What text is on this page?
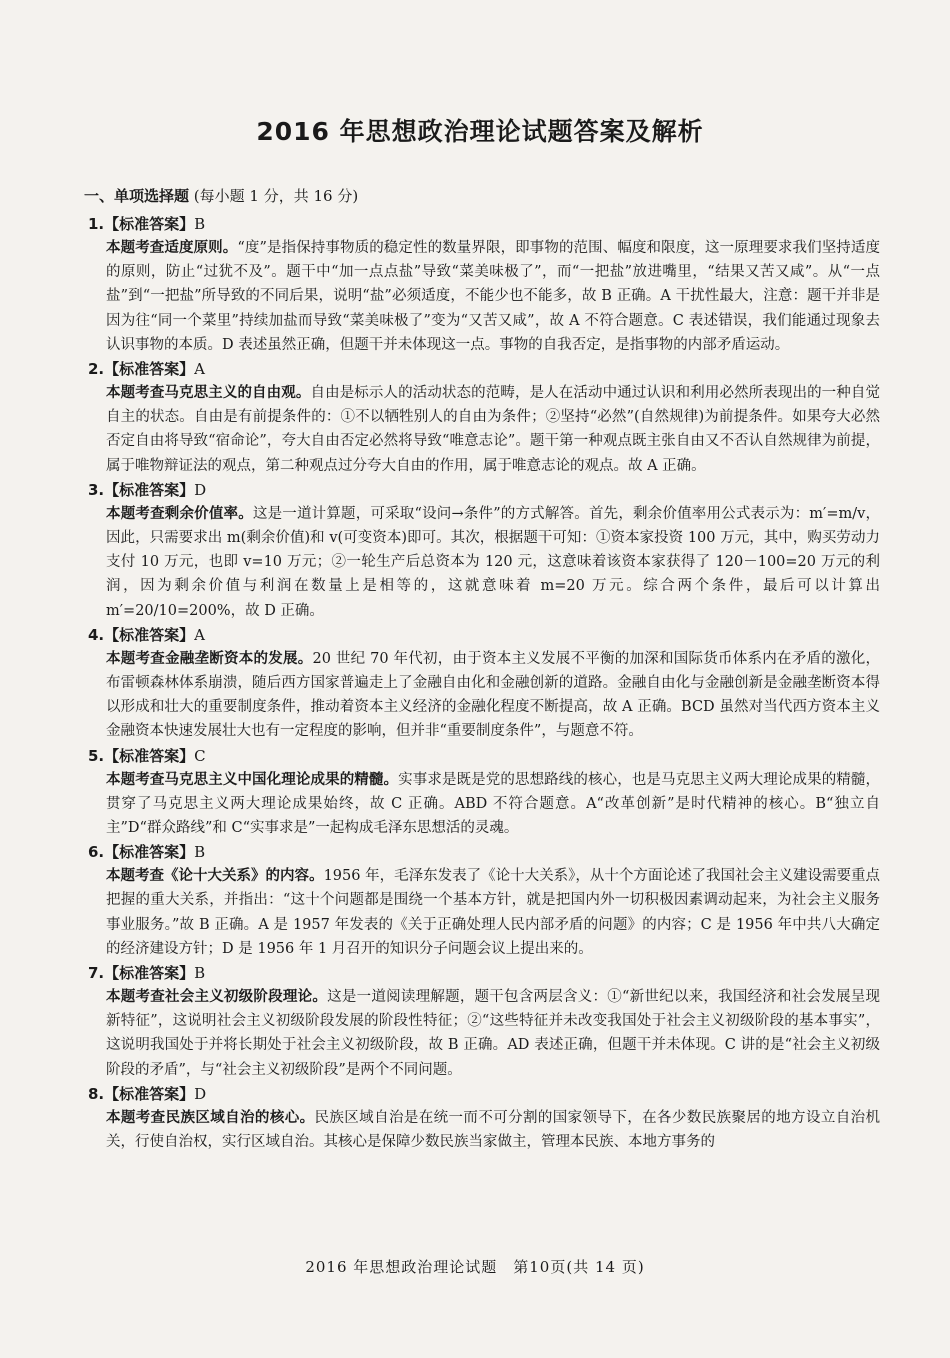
2016 年思想政治理论试题答案及解析
一、单项选择题 (每小题 1 分，共 16 分)

1.【标准答案】B

本题考查适度原则。“度”是指保持事物质的稳定性的数量界限，即事物的范围、幅度和限度，这一原理要求我们坚持适度的原则，防止“过犹不及”。题干中“加一点点盐”导致“菜美味极了”，而“一把盐”放进嘴里，“结果又苦又咸”。从“一点盐”到“一把盐”所导致的不同后果，说明“盐”必须适度，不能少也不能多，故 B 正确。A 干扰性最大，注意：题干并非是因为往“同一个菜里”持续加盐而导致“菜美味极了”变为“又苦又咸”，故 A 不符合题意。C 表述错误，我们能通过现象去认识事物的本质。D 表述虽然正确，但题干并未体现这一点。事物的自我否定，是指事物的内部矛盾运动。

2.【标准答案】A

本题考查马克思主义的自由观。自由是标示人的活动状态的范畴，是人在活动中通过认识和利用必然所表现出的一种自觉自主的状态。自由是有前提条件的：①不以牺牲别人的自由为条件；②坚持“必然”(自然规律)为前提条件。如果夸大必然否定自由将导致“宿命论”，夸大自由否定必然将导致“唯意志论”。题干第一种观点既主张自由又不否认自然规律为前提，属于唯物辩证法的观点，第二种观点过分夸大自由的作用，属于唯意志论的观点。故 A 正确。

3.【标准答案】D

本题考查剩余价值率。这是一道计算题，可采取“设问→条件”的方式解答。首先，剩余价值率用公式表示为：m′=m/v，因此，只需要求出 m(剩余价值)和 v(可变资本)即可。其次，根据题干可知：①资本家投资 100 万元，其中，购买劳动力支付 10 万元，也即 v=10 万元；②一轮生产后总资本为 120 元，这意味着该资本家获得了 120－100=20 万元的利润，因为剩余价值与利润在数量上是相等的，这就意味着 m=20 万元。综合两个条件，最后可以计算出 m′=20/10=200%，故 D 正确。

4.【标准答案】A

本题考查金融垄断资本的发展。20 世纪 70 年代初，由于资本主义发展不平衡的加深和国际货币体系内在矛盾的激化，布雷顿森林体系崩溃，随后西方国家普遍走上了金融自由化和金融创新的道路。金融自由化与金融创新是金融垄断资本得以形成和壮大的重要制度条件，推动着资本主义经济的金融化程度不断提高，故 A 正确。BCD 虽然对当代西方资本主义金融资本快速发展壮大也有一定程度的影响，但并非“重要制度条件”，与题意不符。

5.【标准答案】C

本题考查马克思主义中国化理论成果的精髓。实事求是既是党的思想路线的核心，也是马克思主义两大理论成果的精髓，贯穿了马克思主义两大理论成果始终，故 C 正确。ABD 不符合题意。A“改革创新”是时代精神的核心。B“独立自主”D“群众路线”和 C“实事求是”一起构成毛泽东思想活的灵魂。

6.【标准答案】B

本题考查《论十大关系》的内容。1956 年，毛泽东发表了《论十大关系》，从十个方面论述了我国社会主义建设需要重点把握的重大关系，并指出：“这十个问题都是围绕一个基本方针，就是把国内外一切积极因素调动起来，为社会主义服务事业服务。”故 B 正确。A 是 1957 年发表的《关于正确处理人民内部矛盾的问题》的内容；C 是 1956 年中共八大确定的经济建设方针；D 是 1956 年 1 月召开的知识分子问题会议上提出来的。

7.【标准答案】B

本题考查社会主义初级阶段理论。这是一道阅读理解题，题干包含两层含义：①“新世纪以来，我国经济和社会发展呈现新特征”，这说明社会主义初级阶段发展的阶段性特征；②“这些特征并未改变我国处于社会主义初级阶段的基本事实”，这说明我国处于并将长期处于社会主义初级阶段，故 B 正确。AD 表述正确，但题干并未体现。C 讲的是“社会主义初级阶段的矛盾”，与“社会主义初级阶段”是两个不同问题。

8.【标准答案】D

本题考查民族区域自治的核心。民族区域自治是在统一而不可分割的国家领导下，在各少数民族聚居的地方设立自治机关，行使自治权，实行区域自治。其核心是保障少数民族当家做主，管理本民族、本地方事务的

2016 年思想政治理论试题　第10页(共 14 页)
